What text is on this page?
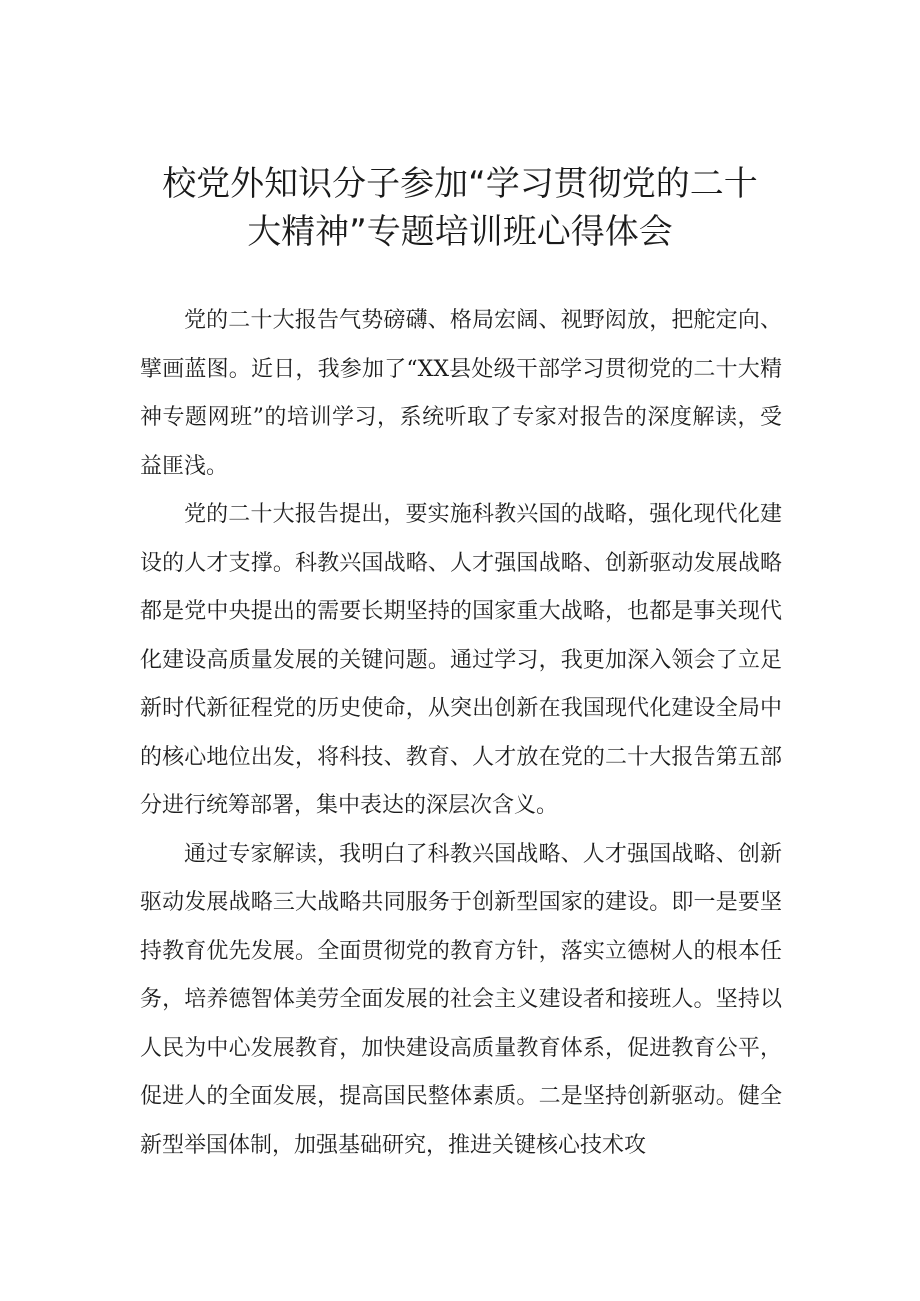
校党外知识分子参加“学习贯彻党的二十
大精神”专题培训班心得体会

党的二十大报告气势磅礴、格局宏阔、视野闳放，把舵定向、擘画蓝图。近日，我参加了“XX县处级干部学习贯彻党的二十大精神专题网班”的培训学习，系统听取了专家对报告的深度解读，受益匪浅。

党的二十大报告提出，要实施科教兴国的战略，强化现代化建设的人才支撑。科教兴国战略、人才强国战略、创新驱动发展战略都是党中央提出的需要长期坚持的国家重大战略，也都是事关现代化建设高质量发展的关键问题。通过学习，我更加深入领会了立足新时代新征程党的历史使命，从突出创新在我国现代化建设全局中的核心地位出发，将科技、教育、人才放在党的二十大报告第五部分进行统筹部署，集中表达的深层次含义。

通过专家解读，我明白了科教兴国战略、人才强国战略、创新驱动发展战略三大战略共同服务于创新型国家的建设。即一是要坚持教育优先发展。全面贯彻党的教育方针，落实立德树人的根本任务，培养德智体美劳全面发展的社会主义建设者和接班人。坚持以人民为中心发展教育，加快建设高质量教育体系，促进教育公平，促进人的全面发展，提高国民整体素质。二是坚持创新驱动。健全新型举国体制，加强基础研究，推进关键核心技术攻
